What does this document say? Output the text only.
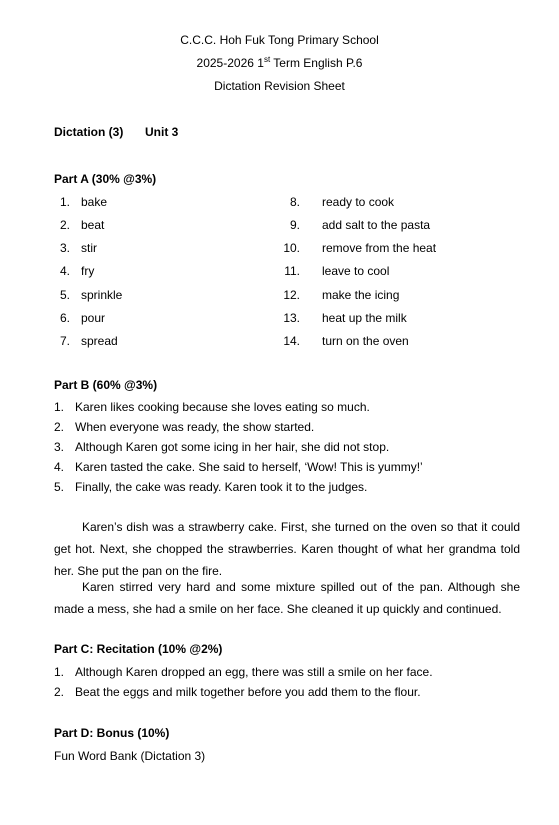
C.C.C. Hoh Fuk Tong Primary School
2025-2026 1st Term English P.6
Dictation Revision Sheet
Dictation (3) Unit 3
Part A (30% @3%)
Part B (60% @3%)
Karen’s dish was a strawberry cake. First, she turned on the oven so that it could get hot. Next, she chopped the strawberries. Karen thought of what her grandma told her. She put the pan on the fire.
Karen stirred very hard and some mixture spilled out of the pan. Although she made a mess, she had a smile on her face. She cleaned it up quickly and continued.
Part C: Recitation (10% @2%)
Part D: Bonus (10%)
Fun Word Bank (Dictation 3)
1. bake
2. beat
3. stir
4. fry
5. sprinkle
6. pour
7. spread
8. ready to cook
9. add salt to the pasta
10. remove from the heat
11. leave to cool
12. make the icing
13. heat up the milk
14. turn on the oven
1. Karen likes cooking because she loves eating so much.
2. When everyone was ready, the show started.
3. Although Karen got some icing in her hair, she did not stop.
4. Karen tasted the cake. She said to herself, ‘Wow! This is yummy!’
5. Finally, the cake was ready. Karen took it to the judges.
1. Although Karen dropped an egg, there was still a smile on her face.
2. Beat the eggs and milk together before you add them to the flour.
